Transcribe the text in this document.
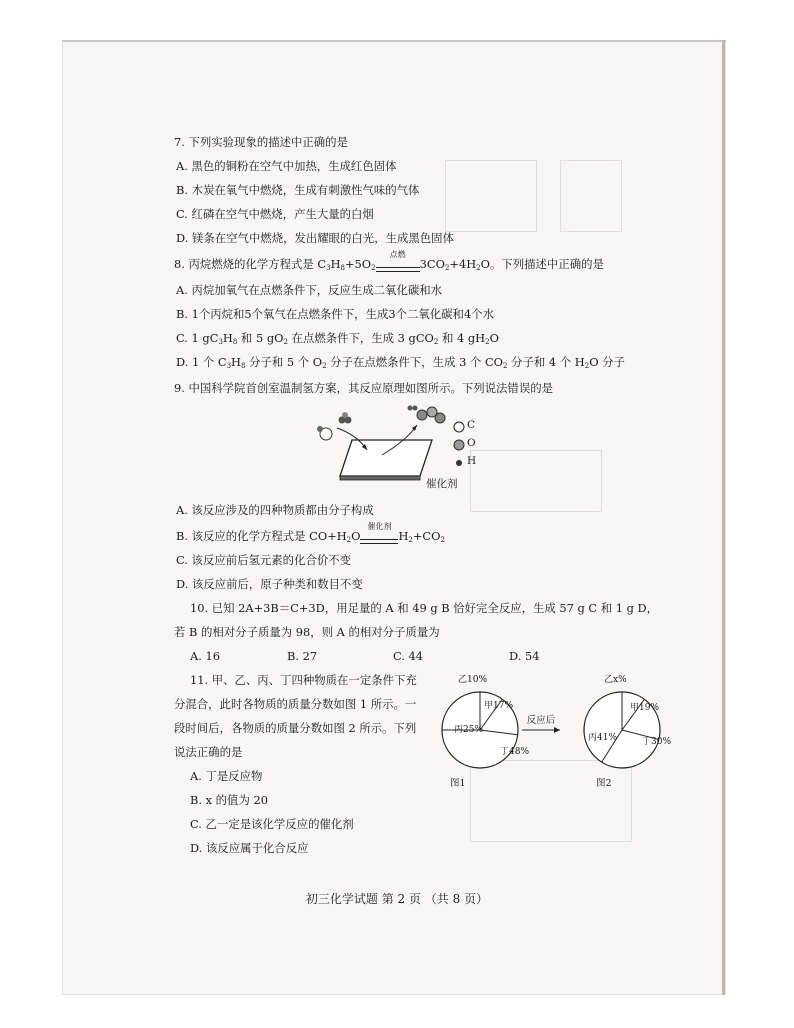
7. 下列实验现象的描述中正确的是
A. 黑色的铜粉在空气中加热，生成红色固体
B. 木炭在氧气中燃烧，生成有刺激性气味的气体
C. 红磷在空气中燃烧，产生大量的白烟
D. 镁条在空气中燃烧，发出耀眼的白光，生成黑色固体
8. 丙烷燃烧的化学方程式是 $C_3H_8+5O_2$
点燃
$3CO_2+4H_2O$。下列描述中正确的是
A. 丙烷加氧气在点燃条件下，反应生成二氧化碳和水
B. 1个丙烷和5个氧气在点燃条件下，生成3个二氧化碳和4个水
C. 1 $gC_3H_8$ 和 5 $gO_2$ 在点燃条件下，生成 3 gCO$_2$ 和 4 $gH_2O$
D. 1 个 $C_3H_8$ 分子和 5 个 $O_2$ 分子在点燃条件下，生成 3 个 $CO_2$ 分子和 4 个 $H_2O$ 分子
9. 中国科学院首创室温制氢方案，其反应原理如图所示。下列说法错误的是
C
O
H
催化剂
A. 该反应涉及的四种物质都由分子构成
B. 该反应的化学方程式是 $CO+H_2O$
催化剂
$H_2+CO_2$
C. 该反应前后氢元素的化合价不变
D. 该反应前后，原子种类和数目不变
10. 已知 2A+3B＝C+3D，用足量的 A 和 49 g B 恰好完全反应，生成 57 g C 和 1 g D，
若 B 的相对分子质量为 98，则 A 的相对分子质量为
A. 16	B. 27	C. 44	D. 54
11. 甲、乙、丙、丁四种物质在一定条件下充
分混合，此时各物质的质量分数如图 1 所示。一
段时间后，各物质的质量分数如图 2 所示。下列
说法正确的是
A. 丁是反应物
B. x 的值为 20
C. 乙一定是该化学反应的催化剂
D. 该反应属于化合反应
甲17%
乙10%
丙25%
丁48%
甲19%
乙x%
丙41%	丁30%
反应后
图1	图2
初三化学试题 第 2 页 （共 8 页）
